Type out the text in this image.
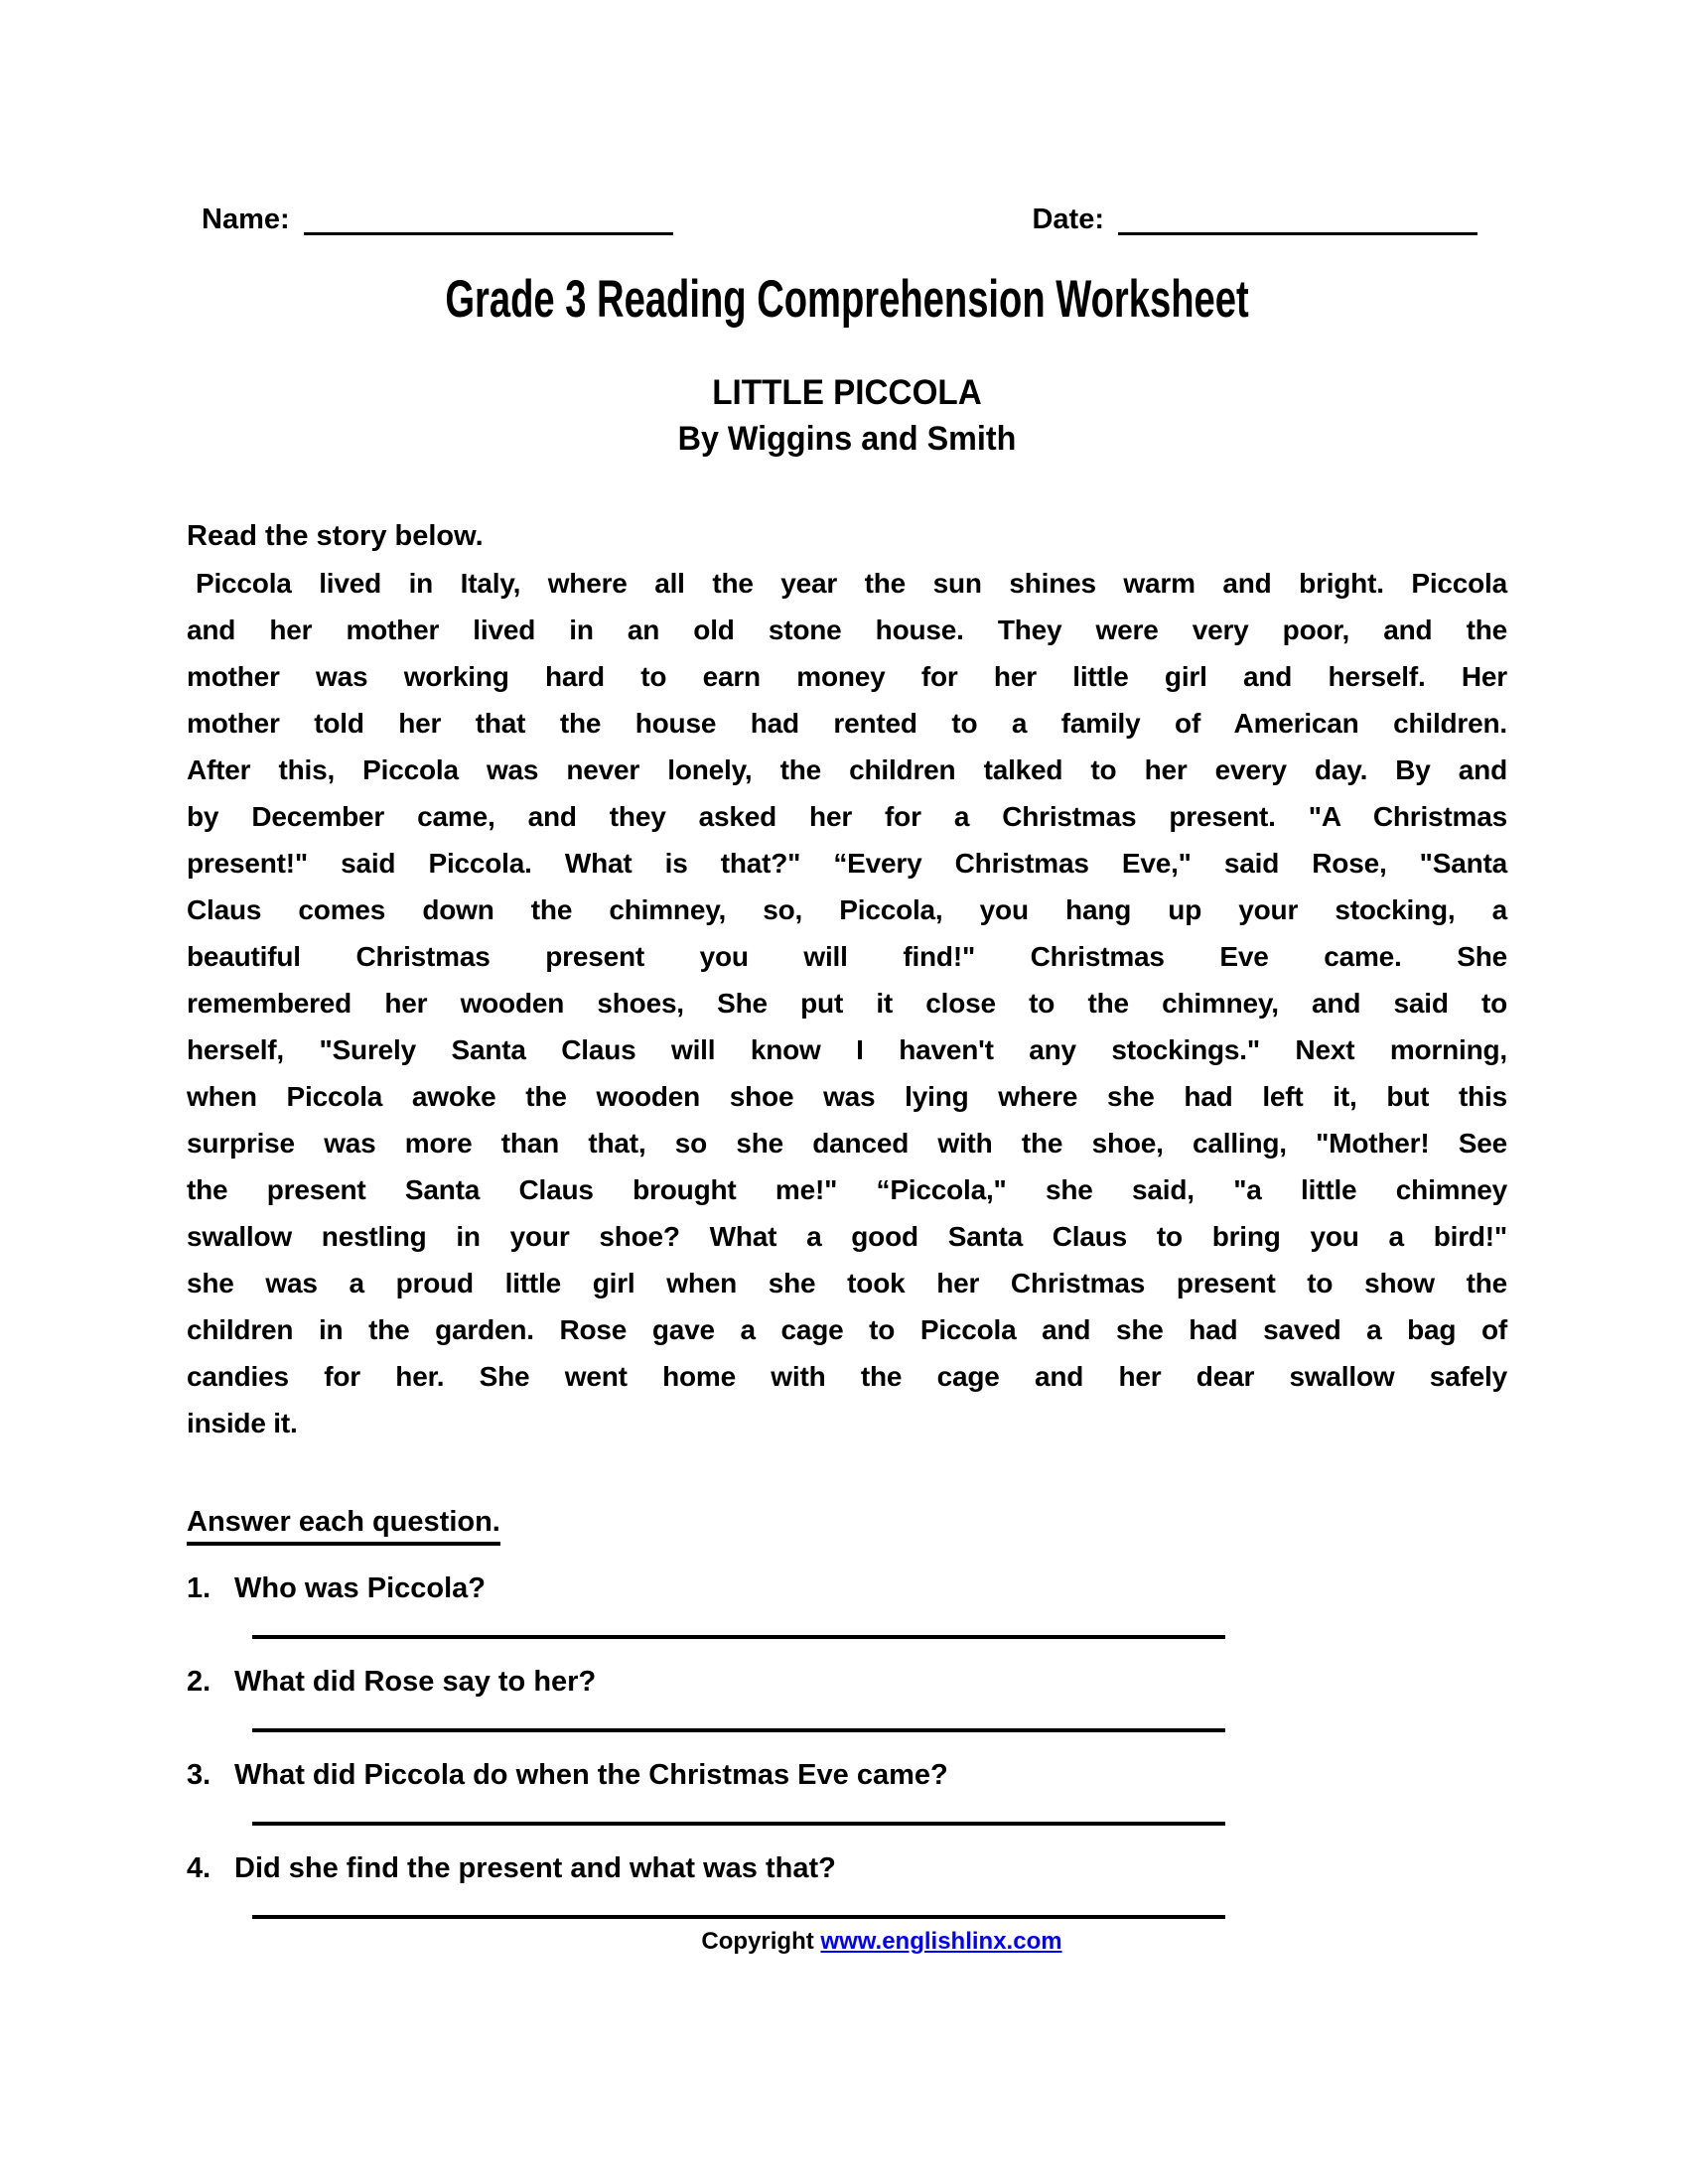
Name:	Date:
Grade 3 Reading Comprehension Worksheet
LITTLE PICCOLA
By Wiggins and Smith
Read the story below.
Piccola lived in Italy, where all the year the sun shines warm and bright. Piccola
and her mother lived in an old stone house. They were very poor, and the
mother was working hard to earn money for her little girl and herself. Her
mother told her that the house had rented to a family of American children.
After this, Piccola was never lonely, the children talked to her every day. By and
by December came, and they asked her for a Christmas present. "A Christmas
present!" said Piccola. What is that?" “Every Christmas Eve," said Rose, "Santa
Claus comes down the chimney, so, Piccola, you hang up your stocking, a
beautiful Christmas present you will find!" Christmas Eve came. She
remembered her wooden shoes, She put it close to the chimney, and said to
herself, "Surely Santa Claus will know I haven't any stockings." Next morning,
when Piccola awoke the wooden shoe was lying where she had left it, but this
surprise was more than that, so she danced with the shoe, calling, "Mother! See
the present Santa Claus brought me!" “Piccola," she said, "a little chimney
swallow nestling in your shoe? What a good Santa Claus to bring you a bird!"
she was a proud little girl when she took her Christmas present to show the
children in the garden. Rose gave a cage to Piccola and she had saved a bag of
candies for her. She went home with the cage and her dear swallow safely
inside it.
Answer each question.
1. Who was Piccola?
2. What did Rose say to her?
3. What did Piccola do when the Christmas Eve came?
4. Did she find the present and what was that?
Copyright www.englishlinx.com
